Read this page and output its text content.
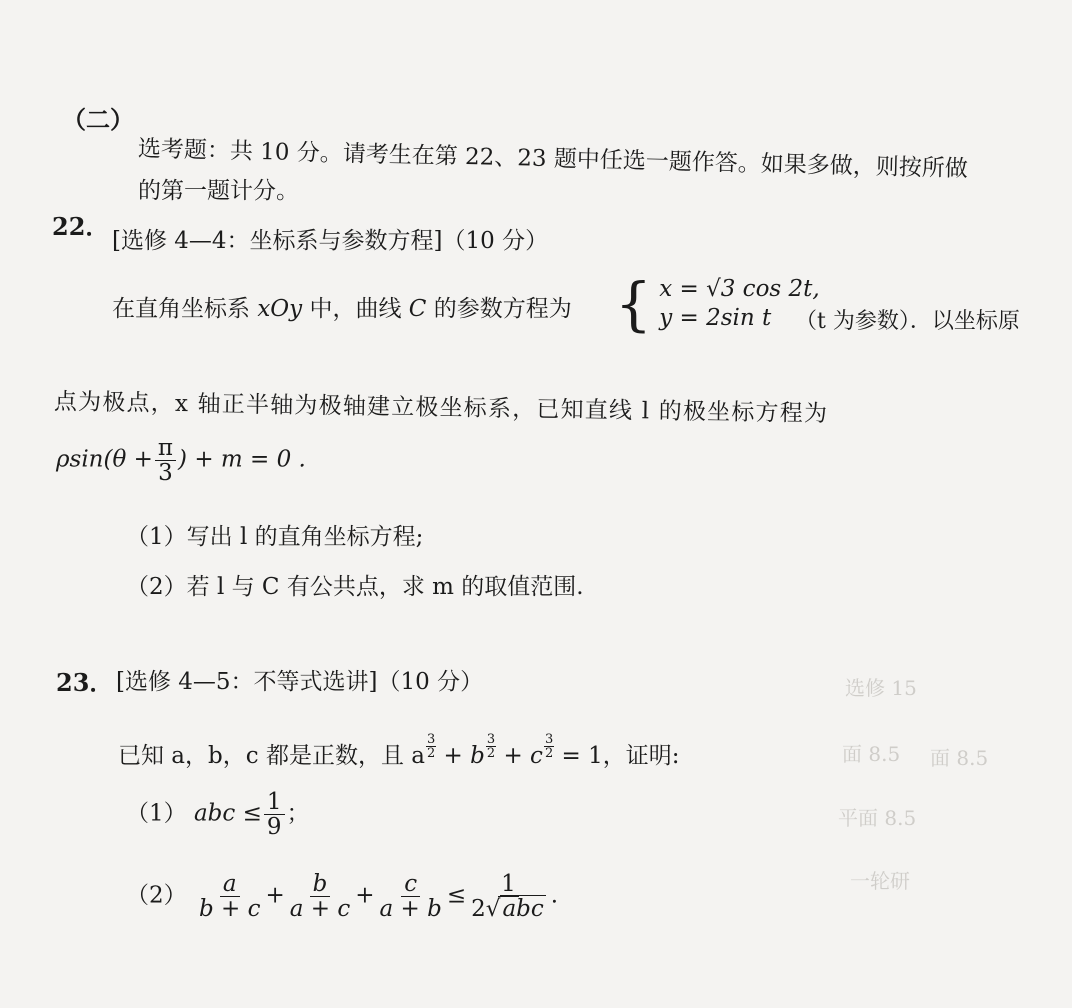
选修 15
面 8.5
平面 8.5
面 8.5
一轮研
（二）
选考题：共 10 分。请考生在第 22、23 题中任选一题作答。如果多做，则按所做
的第一题计分。
22． [选修 4—4：坐标系与参数方程]（10 分）
在直角坐标系 xOy 中，曲线 C 的参数方程为 { x = √3 cos 2t,
y = 2sin t	（t 为参数）．以坐标原
点为极点，x 轴正半轴为极轴建立极坐标系，已知直线 l 的极坐标方程为
$\rho\sin(\theta + \frac{\pi}{3}$ ) + m = 0 .
（1）写出 l 的直角坐标方程;
（2）若 l 与 C 有公共点，求 m 的取值范围.
23． [选修 4—5：不等式选讲]（10 分）
已知 a，b，c 都是正数，且 a $\frac{3}{2} + b \frac{3}{2} + c \frac{3}{2} = 1$，证明:
（1） abc ≤ $\frac{1}{9}$ ；
$(2) \frac{a}{b + c} + \frac{b}{a + c} + \frac{c}{a + b} \le \frac{1}{\text{2√abc}}$ .
